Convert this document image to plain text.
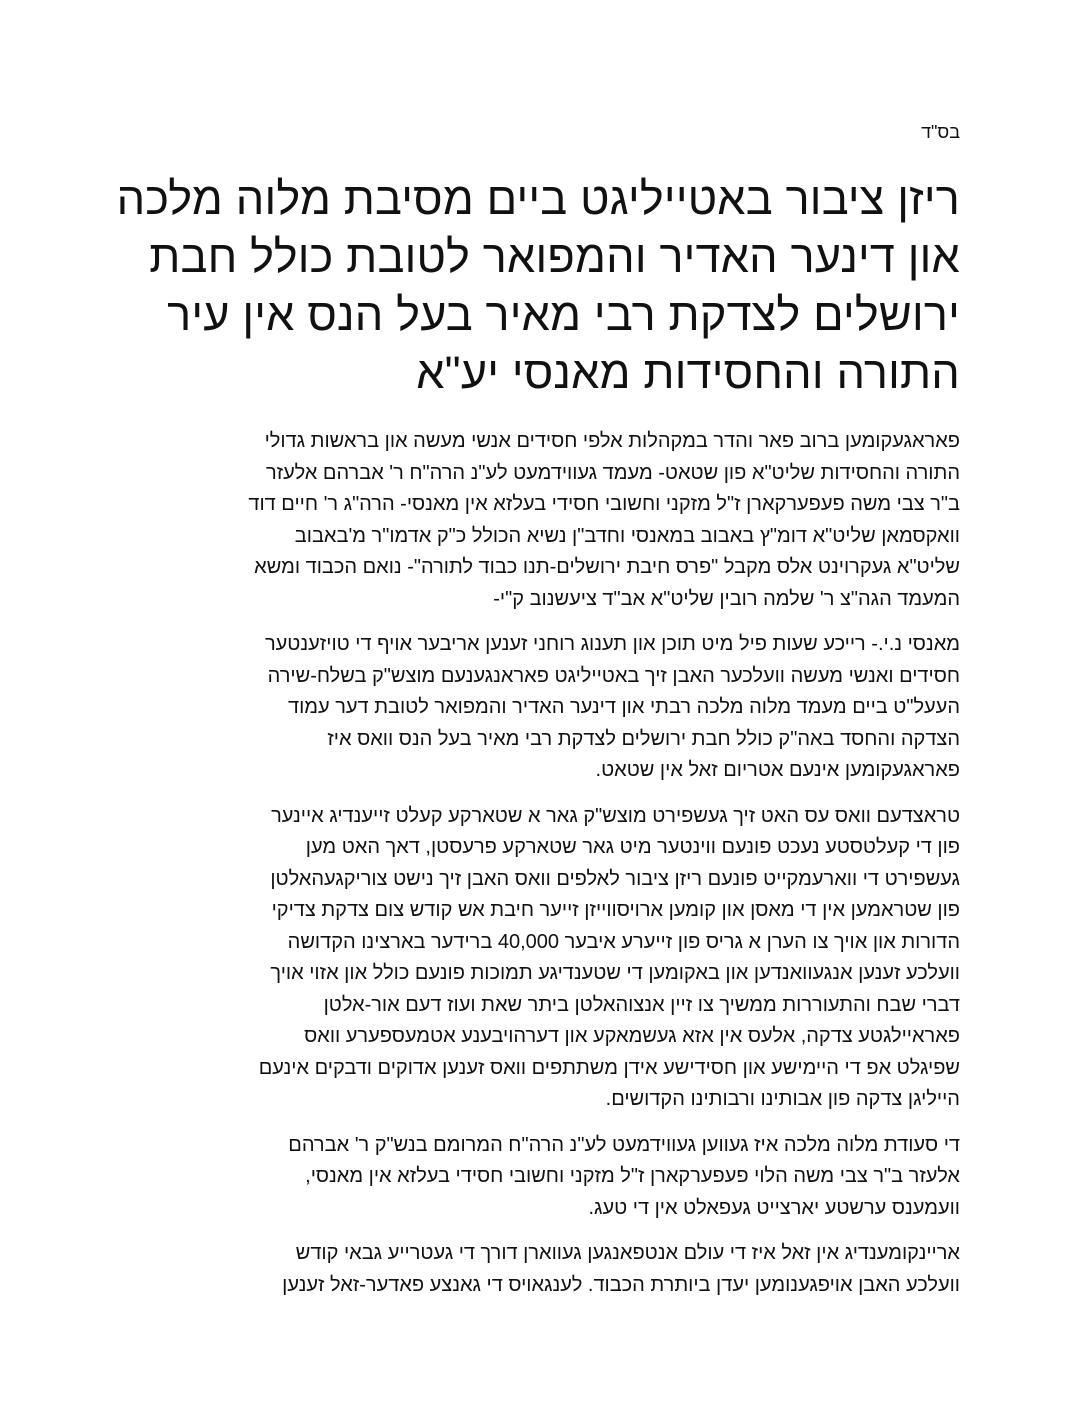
בס"ד
ריזן ציבור באטייליגט ביים מסיבת מלוה מלכה
און דינער האדיר והמפואר לטובת כולל חבת
ירושלים לצדקת רבי מאיר בעל הנס אין עיר
התורה והחסידות מאנסי יע"א

פאראגעקומען ברוב פאר והדר במקהלות אלפי חסידים אנשי מעשה און בראשות גדולי
התורה והחסידות שליט"א פון שטאט- מעמד געווידמעט לע"נ הרה"ח ר' אברהם אלעזר
ב"ר צבי משה פעפערקארן ז"ל מזקני וחשובי חסידי בעלזא אין מאנסי- הרה"ג ר' חיים דוד
וואקסמאן שליט"א דומ"ץ באבוב במאנסי וחדב"ן נשיא הכולל כ"ק אדמו"ר מ'באבוב
שליט"א געקרוינט אלס מקבל "פרס חיבת ירושלים-תנו כבוד לתורה"- נואם הכבוד ומשא
המעמד הגה"צ ר' שלמה רובין שליט"א אב"ד ציעשנוב ק"י-

מאנסי נ.י.- רייכע שעות פיל מיט תוכן און תענוג רוחני זענען אריבער אויף די טויזענטער
חסידים ואנשי מעשה וועלכער האבן זיך באטייליגט פאראנגענעם מוצש"ק בשלח-שירה
העעל"ט ביים מעמד מלוה מלכה רבתי און דינער האדיר והמפואר לטובת דער עמוד
הצדקה והחסד באה"ק כולל חבת ירושלים לצדקת רבי מאיר בעל הנס וואס איז
פאראגעקומען אינעם אטריום זאל אין שטאט.

טראצדעם וואס עס האט זיך געשפירט מוצש"ק גאר א שטארקע קעלט זייענדיג איינער
פון די קעלטסטע נעכט פונעם ווינטער מיט גאר שטארקע פרעסטן, דאך האט מען
געשפירט די ווארעמקייט פונעם ריזן ציבור לאלפים וואס האבן זיך נישט צוריקגעהאלטן
פון שטראמען אין די מאסן און קומען ארויסווייזן זייער חיבת אש קודש צום צדקת צדיקי
הדורות און אויך צו הערן א גריס פון זייערע איבער 40,000 ברידער בארצינו הקדושה
וועלכע זענען אנגעוואנדען און באקומען די שטענדיגע תמוכות פונעם כולל און אזוי אויך
דברי שבח והתעוררות ממשיך צו זיין אנצוהאלטן ביתר שאת ועוז דעם אור-אלטן
פאראיילגטע צדקה, אלעס אין אזא געשמאקע און דערהויבענע אטמעספערע וואס
שפיגלט אפ די היימישע און חסידישע אידן משתתפים וואס זענען אדוקים ודבקים אינעם
הייליגן צדקה פון אבותינו ורבותינו הקדושים.

די סעודת מלוה מלכה איז געווען געווידמעט לע"נ הרה"ח המרומם בנש"ק ר' אברהם
אלעזר ב"ר צבי משה הלוי פעפערקארן ז"ל מזקני וחשובי חסידי בעלזא אין מאנסי,
וועמענס ערשטע יארצייט געפאלט אין די טעג.

אריינקומענדיג אין זאל איז די עולם אנטפאנגען געווארן דורך די געטרייע גבאי קודש
וועלכע האבן אויפגענומען יעדן ביותרת הכבוד. לענגאויס די גאנצע פאדער-זאל זענען
